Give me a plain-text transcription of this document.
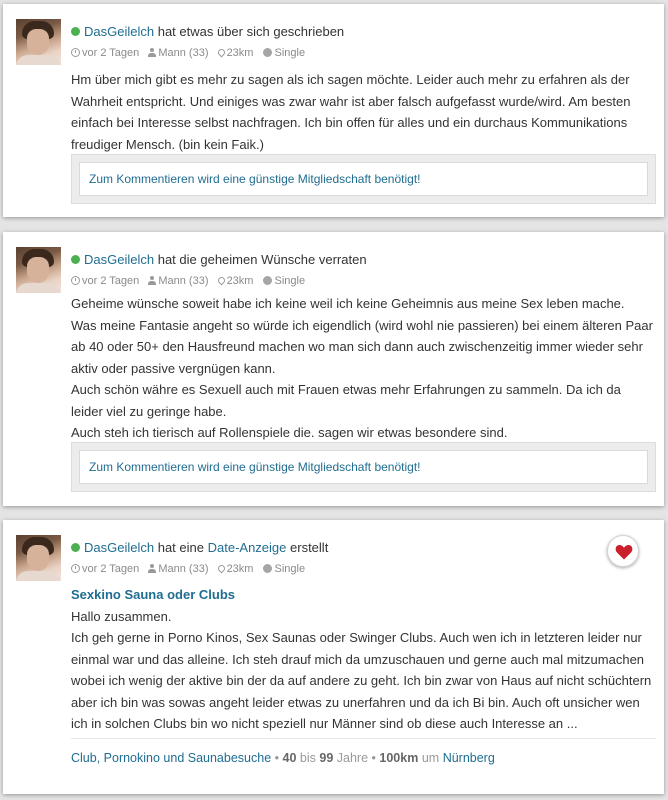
DasGeilelch hat etwas über sich geschrieben
vor 2 Tagen Mann (33) 23km Single

Hm über mich gibt es mehr zu sagen als ich sagen möchte. Leider auch mehr zu erfahren als der Wahrheit entspricht. Und einiges was zwar wahr ist aber falsch aufgefasst wurde/wird. Am besten einfach bei Interesse selbst nachfragen. Ich bin offen für alles und ein durchaus Kommunikations freudiger Mensch. (bin kein Faik.)

Zum Kommentieren wird eine günstige Mitgliedschaft benötigt!
DasGeilelch hat die geheimen Wünsche verraten
vor 2 Tagen Mann (33) 23km Single

Geheime wünsche soweit habe ich keine weil ich keine Geheimnis aus meine Sex leben mache.

Was meine Fantasie angeht so würde ich eigendlich (wird wohl nie passieren) bei einem älteren Paar ab 40 oder 50+ den Hausfreund machen wo man sich dann auch zwischenzeitig immer wieder sehr aktiv oder passive vergnügen kann.

Auch schön währe es Sexuell auch mit Frauen etwas mehr Erfahrungen zu sammeln. Da ich da leider viel zu geringe habe.

Auch steh ich tierisch auf Rollenspiele die. sagen wir etwas besondere sind.

Zum Kommentieren wird eine günstige Mitgliedschaft benötigt!
DasGeilelch hat eine Date-Anzeige erstellt
vor 2 Tagen Mann (33) 23km Single

Sexkino Sauna oder Clubs

Hallo zusammen.

Ich geh gerne in Porno Kinos, Sex Saunas oder Swinger Clubs. Auch wen ich in letzteren leider nur einmal war und das alleine. Ich steh drauf mich da umzuschauen und gerne auch mal mitzumachen wobei ich wenig der aktive bin der da auf andere zu geht. Ich bin zwar von Haus auf nicht schüchtern aber ich bin was sowas angeht leider etwas zu unerfahren und da ich Bi bin. Auch oft unsicher wen ich in solchen Clubs bin wo nicht speziell nur Männer sind ob diese auch Interesse an ...

Club, Pornokino und Saunabesuche • 40 bis 99 Jahre • 100km um Nürnberg
